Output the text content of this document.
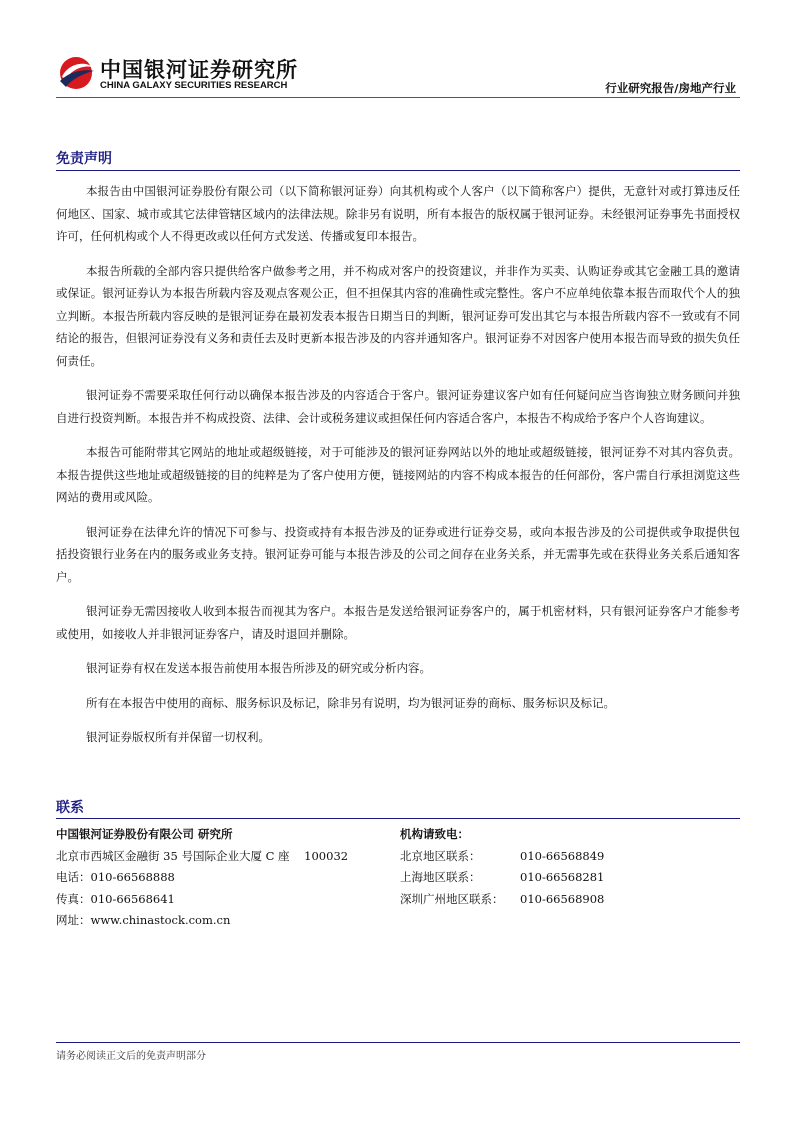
中国银河证券研究所
CHINA GALAXY SECURITIES RESEARCH	行业研究报告/房地产行业
免责声明

本报告由中国银河证券股份有限公司（以下简称银河证券）向其机构或个人客户（以下简称客户）提供，无意针对或打算违反任何地区、国家、城市或其它法律管辖区域内的法律法规。除非另有说明，所有本报告的版权属于银河证券。未经银河证券事先书面授权许可，任何机构或个人不得更改或以任何方式发送、传播或复印本报告。

本报告所载的全部内容只提供给客户做参考之用，并不构成对客户的投资建议，并非作为买卖、认购证券或其它金融工具的邀请或保证。银河证券认为本报告所载内容及观点客观公正，但不担保其内容的准确性或完整性。客户不应单纯依靠本报告而取代个人的独立判断。本报告所载内容反映的是银河证券在最初发表本报告日期当日的判断，银河证券可发出其它与本报告所载内容不一致或有不同结论的报告，但银河证券没有义务和责任去及时更新本报告涉及的内容并通知客户。银河证券不对因客户使用本报告而导致的损失负任何责任。

银河证券不需要采取任何行动以确保本报告涉及的内容适合于客户。银河证券建议客户如有任何疑问应当咨询独立财务顾问并独自进行投资判断。本报告并不构成投资、法律、会计或税务建议或担保任何内容适合客户，本报告不构成给予客户个人咨询建议。

本报告可能附带其它网站的地址或超级链接，对于可能涉及的银河证券网站以外的地址或超级链接，银河证券不对其内容负责。本报告提供这些地址或超级链接的目的纯粹是为了客户使用方便，链接网站的内容不构成本报告的任何部份，客户需自行承担浏览这些网站的费用或风险。

银河证券在法律允许的情况下可参与、投资或持有本报告涉及的证券或进行证券交易，或向本报告涉及的公司提供或争取提供包括投资银行业务在内的服务或业务支持。银河证券可能与本报告涉及的公司之间存在业务关系，并无需事先或在获得业务关系后通知客户。

银河证券无需因接收人收到本报告而视其为客户。本报告是发送给银河证券客户的，属于机密材料，只有银河证券客户才能参考或使用，如接收人并非银河证券客户，请及时退回并删除。

银河证券有权在发送本报告前使用本报告所涉及的研究或分析内容。

所有在本报告中使用的商标、服务标识及标记，除非另有说明，均为银河证券的商标、服务标识及标记。

银河证券版权所有并保留一切权利。

联系
中国银河证券股份有限公司 研究所
北京市西城区金融街 35 号国际企业大厦 C 座    100032
电话：010-66568888
传真：010-66568641
网址：www.chinastock.com.cn
机构请致电：
北京地区联系：	010-66568849
上海地区联系：	010-66568281
深圳广州地区联系：	010-66568908
请务必阅读正文后的免责声明部分
